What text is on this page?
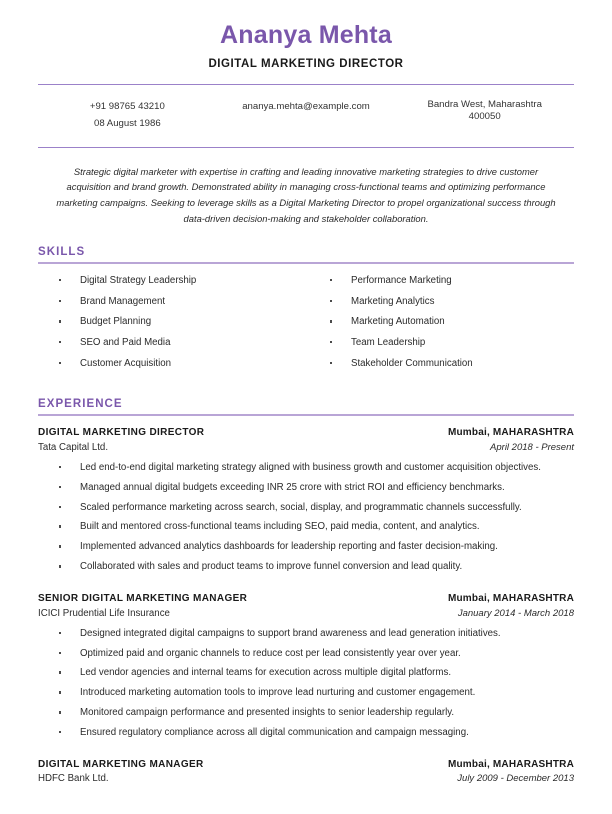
Ananya Mehta
DIGITAL MARKETING DIRECTOR
+91 98765 43210
08 August 1986
ananya.mehta@example.com	Bandra West, Maharashtra
400050
Strategic digital marketer with expertise in crafting and leading innovative marketing strategies to drive customer acquisition and brand growth. Demonstrated ability in managing cross-functional teams and optimizing performance marketing campaigns. Seeking to leverage skills as a Digital Marketing Director to propel organizational success through data-driven decision-making and stakeholder collaboration.
SKILLS
Digital Strategy Leadership
Brand Management
Budget Planning
SEO and Paid Media
Customer Acquisition
Performance Marketing
Marketing Analytics
Marketing Automation
Team Leadership
Stakeholder Communication
EXPERIENCE
DIGITAL MARKETING DIRECTOR
Tata Capital Ltd.
Mumbai, MAHARASHTRA
April 2018 - Present
Led end-to-end digital marketing strategy aligned with business growth and customer acquisition objectives.
Managed annual digital budgets exceeding INR 25 crore with strict ROI and efficiency benchmarks.
Scaled performance marketing across search, social, display, and programmatic channels successfully.
Built and mentored cross-functional teams including SEO, paid media, content, and analytics.
Implemented advanced analytics dashboards for leadership reporting and faster decision-making.
Collaborated with sales and product teams to improve funnel conversion and lead quality.
SENIOR DIGITAL MARKETING MANAGER
ICICI Prudential Life Insurance
Mumbai, MAHARASHTRA
January 2014 - March 2018
Designed integrated digital campaigns to support brand awareness and lead generation initiatives.
Optimized paid and organic channels to reduce cost per lead consistently year over year.
Led vendor agencies and internal teams for execution across multiple digital platforms.
Introduced marketing automation tools to improve lead nurturing and customer engagement.
Monitored campaign performance and presented insights to senior leadership regularly.
Ensured regulatory compliance across all digital communication and campaign messaging.
DIGITAL MARKETING MANAGER
HDFC Bank Ltd.
Mumbai, MAHARASHTRA
July 2009 - December 2013
